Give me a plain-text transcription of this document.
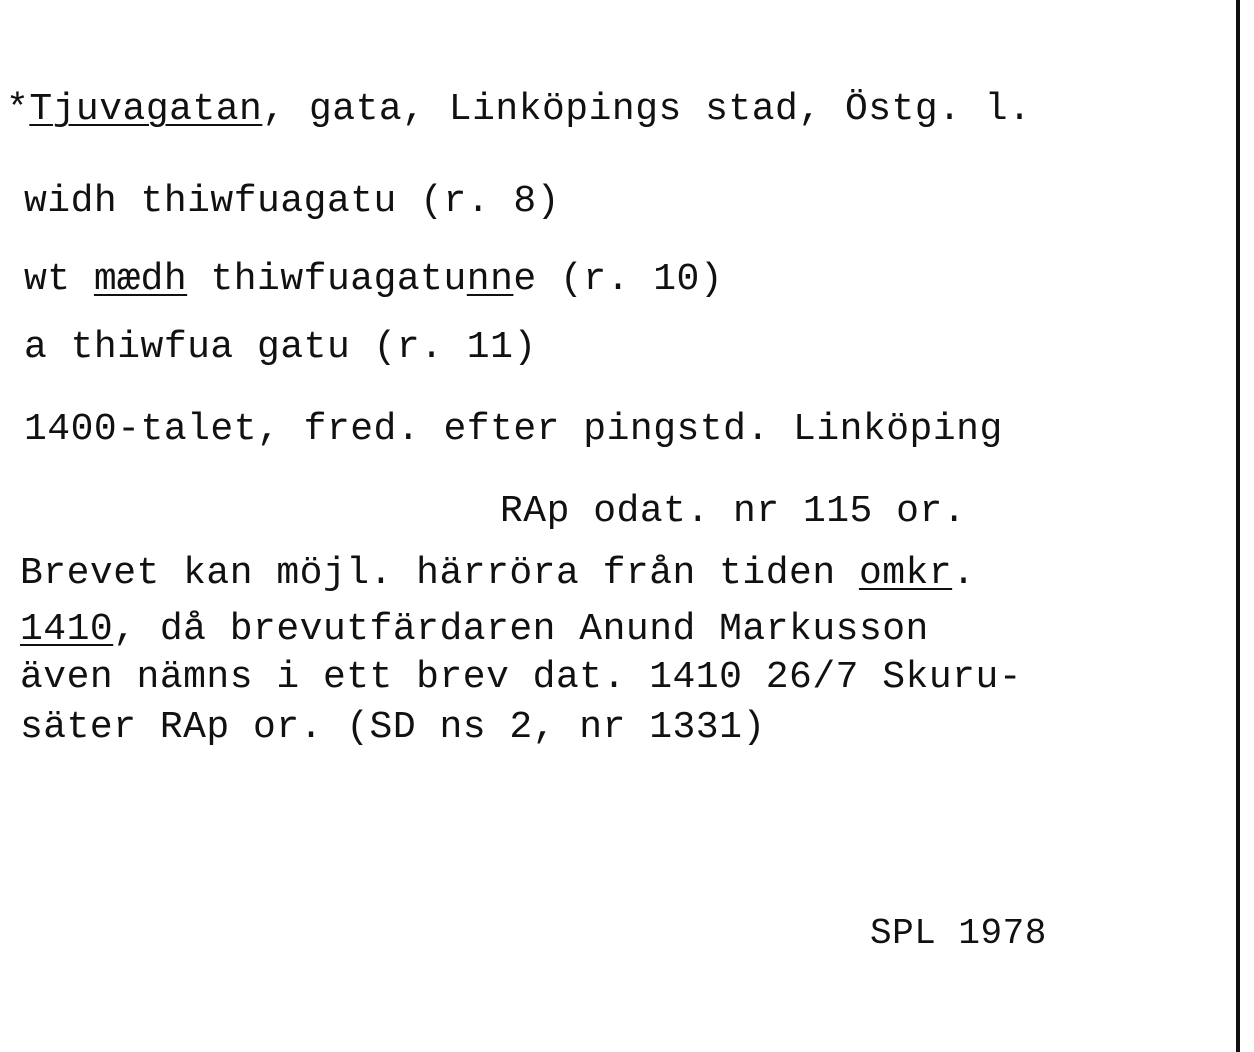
*Tjuvagatan, gata, Linköpings stad, Östg. l.
widh thiwfuagatu (r. 8)
wt mædh thiwfuagatunne (r. 10)
a thiwfua gatu (r. 11)
1400-talet, fred. efter pingstd. Linköping
RAp odat. nr 115 or.
Brevet kan möjl. härröra från tiden omkr.
1410, då brevutfärdaren Anund Markusson
även nämns i ett brev dat. 1410 26/7 Skuru-
säter RAp or. (SD ns 2, nr 1331)
SPL 1978
